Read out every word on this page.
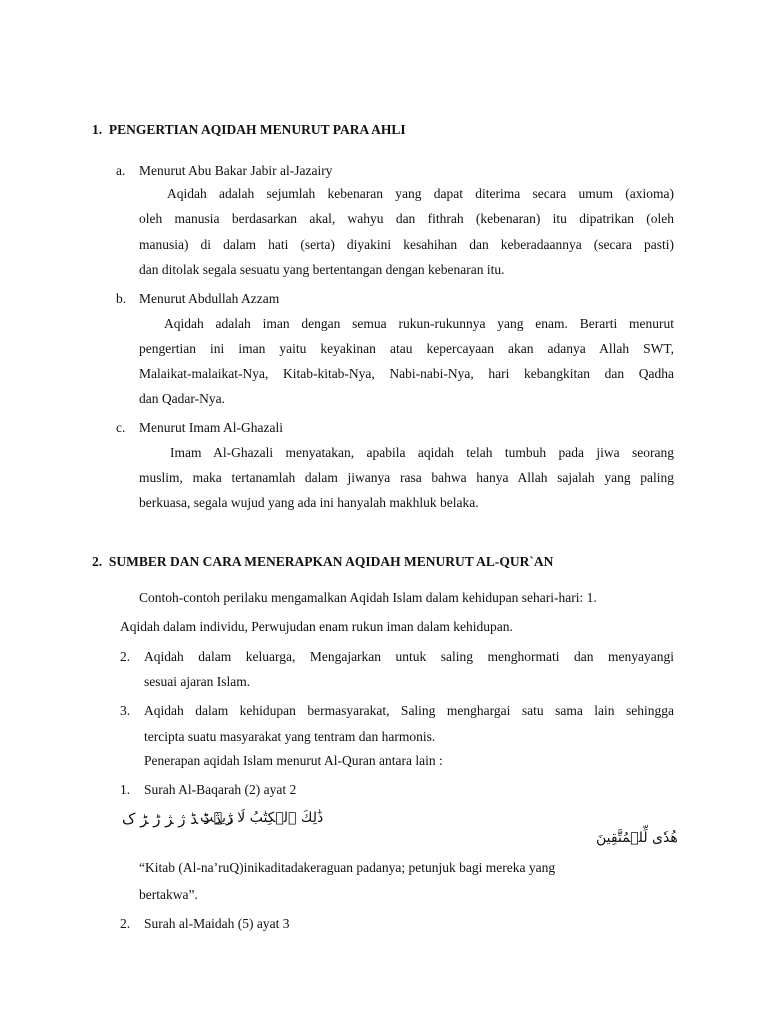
1. PENGERTIAN AQIDAH MENURUT PARA AHLI
a. Menurut Abu Bakar Jabir al-Jazairy
Aqidah adalah sejumlah kebenaran yang dapat diterima secara umum (axioma)
oleh manusia berdasarkan akal, wahyu dan fithrah (kebenaran) itu dipatrikan (oleh
manusia) di dalam hati (serta) diyakini kesahihan dan keberadaannya (secara pasti)
dan ditolak segala sesuatu yang bertentangan dengan kebenaran itu.
b. Menurut Abdullah Azzam
Aqidah adalah iman dengan semua rukun-rukunnya yang enam. Berarti menurut
pengertian ini iman yaitu keyakinan atau kepercayaan akan adanya Allah SWT,
Malaikat-malaikat-Nya, Kitab-kitab-Nya, Nabi-nabi-Nya, hari kebangkitan dan Qadha
dan Qadar-Nya.
c. Menurut Imam Al-Ghazali
Imam Al-Ghazali menyatakan, apabila aqidah telah tumbuh pada jiwa seorang
muslim, maka tertanamlah dalam jiwanya rasa bahwa hanya Allah sajalah yang paling
berkuasa, segala wujud yang ada ini hanyalah makhluk belaka.
2. SUMBER DAN CARA MENERAPKAN AQIDAH MENURUT AL-QUR`AN
Contoh-contoh perilaku mengamalkan Aqidah Islam dalam kehidupan sehari-hari: 1.
Aqidah dalam individu, Perwujudan enam rukun iman dalam kehidupan.
2. Aqidah dalam keluarga, Mengajarkan untuk saling menghormati dan menyayangi
sesuai ajaran Islam.
3. Aqidah dalam kehidupan bermasyarakat, Saling menghargai satu sama lain sehingga
tercipta suatu masyarakat yang tentram dan harmonis.
Penerapan aqidah Islam menurut Al-Quran antara lain :
1. Surah Al-Baqarah (2) ayat 2
ﮆ ﮇ ﮈ ﮉ ﮊ ﮋ ﮌ ﮍ ﮎ
ذَٰلِكَ ٱلۡكِتَٰبُ لَا رَيۡبَ
هُدٗى لِّلۡمُتَّقِينَ
“Kitab (Al-na’ruQ)inikaditadakeraguan padanya; petunjuk bagi mereka yang
bertakwa”.
2. Surah al-Maidah (5) ayat 3
